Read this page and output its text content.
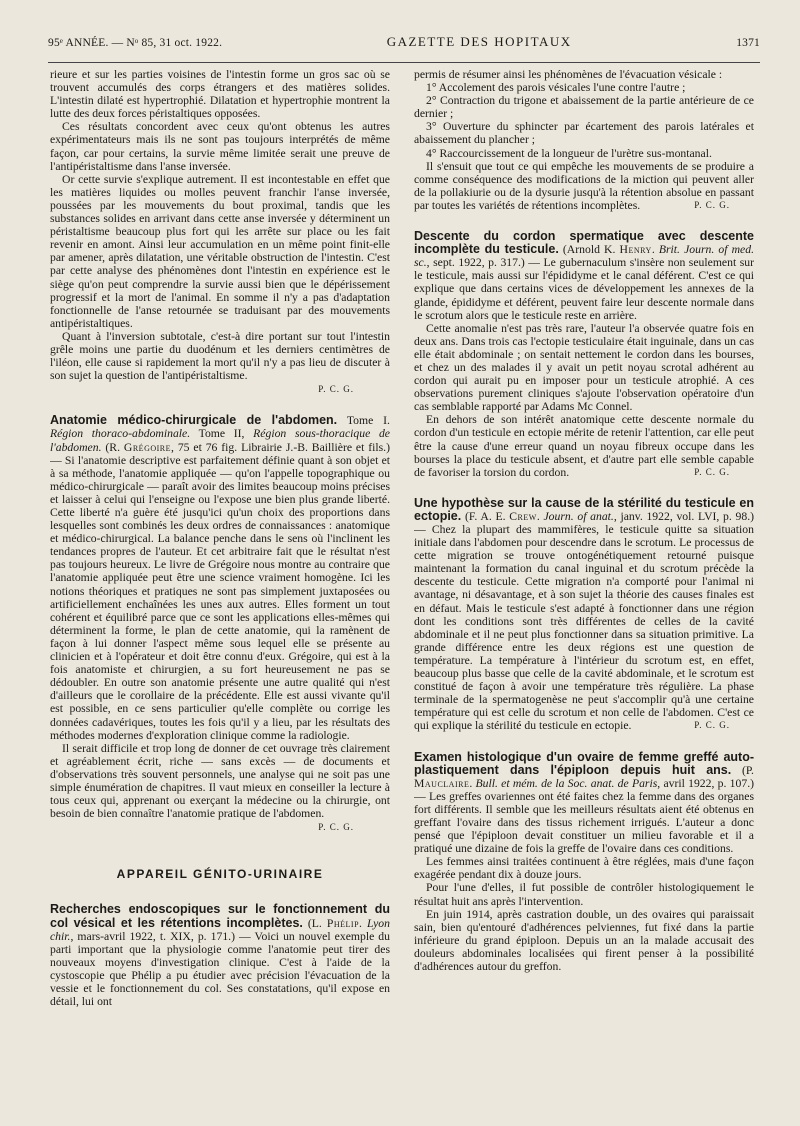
95ᵉ ANNÉE. — Nᵒ 85, 31 oct. 1922.	GAZETTE DES HOPITAUX	1371

rieure et sur les parties voisines de l'intestin forme un gros sac où se trouvent accumulés des corps étrangers et des matières solides. L'intestin dilaté est hypertrophié. Dilatation et hypertrophie montrent la lutte des deux forces péristaltiques opposées.

Ces résultats concordent avec ceux qu'ont obtenus les autres expérimentateurs mais ils ne sont pas toujours interprétés de même façon, car pour certains, la survie même limitée serait une preuve de l'antipéristaltisme dans l'anse inversée.

Or cette survie s'explique autrement. Il est incontestable en effet que les matières liquides ou molles peuvent franchir l'anse inversée, poussées par les mouvements du bout proximal, tandis que les substances solides en arrivant dans cette anse inversée y déterminent un péristaltisme beaucoup plus fort qui les arrête sur place ou les fait revenir en amont. Ainsi leur accumulation en un même point finit-elle par amener, après dilatation, une véritable obstruction de l'intestin. C'est par cette analyse des phénomènes dont l'intestin en expérience est le siège qu'on peut comprendre la survie aussi bien que le dépérissement progressif et la mort de l'animal. En somme il n'y a pas d'adaptation fonctionnelle de l'anse retournée se traduisant par des mouvements antipéristaltiques.

Quant à l'inversion subtotale, c'est-à dire portant sur tout l'intestin grêle moins une partie du duodénum et les derniers centimètres de l'iléon, elle cause si rapidement la mort qu'il n'y a pas lieu de discuter à son sujet la question de l'antipéristaltisme.

P. C. G.

Anatomie médico-chirurgicale de l'abdomen. Tome I. Région thoraco-abdominale. Tome II, Région sous-thoracique de l'abdomen. (R. Grégoire, 75 et 76 fig. Librairie J.-B. Baillière et fils.) — Si l'anatomie descriptive est parfaitement définie quant à son objet et à sa méthode, l'anatomie appliquée — qu'on l'appelle topographique ou médico-chirurgicale — paraît avoir des limites beaucoup moins précises et laisser à celui qui l'enseigne ou l'expose une bien plus grande liberté. Cette liberté n'a guère été jusqu'ici qu'un choix des proportions dans lesquelles sont combinés les deux ordres de connaissances : anatomique et médico-chirurgical. La balance penche dans le sens où l'inclinent les tendances propres de l'auteur. Et cet arbitraire fait que le résultat n'est pas toujours heureux. Le livre de Grégoire nous montre au contraire que l'anatomie appliquée peut être une science vraiment homogène. Ici les notions théoriques et pratiques ne sont pas simplement juxtaposées ou artificiellement enchaînées les unes aux autres. Elles forment un tout cohérent et équilibré parce que ce sont les applications elles-mêmes qui déterminent la forme, le plan de cette anatomie, qui la ramènent de façon à lui donner l'aspect même sous lequel elle se présente au clinicien et à l'opérateur et doit être connu d'eux. Grégoire, qui est à la fois anatomiste et chirurgien, a su fort heureusement ne pas se dédoubler. En outre son anatomie présente une autre qualité qui n'est d'ailleurs que le corollaire de la précédente. Elle est aussi vivante qu'il est possible, en ce sens particulier qu'elle complète ou corrige les données cadavériques, toutes les fois qu'il y a lieu, par les résultats des méthodes modernes d'exploration clinique comme la radiologie.

Il serait difficile et trop long de donner de cet ouvrage très clairement et agréablement écrit, riche — sans excès — de documents et d'observations très souvent personnels, une analyse qui ne soit pas une simple énumération de chapitres. Il vaut mieux en conseiller la lecture à tous ceux qui, apprenant ou exerçant la médecine ou la chirurgie, ont besoin de bien connaître l'anatomie pratique de l'abdomen.

P. C. G.
APPAREIL GÉNITO-URINAIRE

Recherches endoscopiques sur le fonctionnement du col vésical et les rétentions incomplètes. (L. Phélip. Lyon chir., mars-avril 1922, t. XIX, p. 171.) — Voici un nouvel exemple du parti important que la physiologie comme l'anatomie peut tirer des nouveaux moyens d'investigation clinique. C'est à l'aide de la cystoscopie que Phélip a pu étudier avec précision l'évacuation de la vessie et le fonctionnement du col. Ses constatations, qu'il expose en détail, lui ont

permis de résumer ainsi les phénomènes de l'évacuation vésicale :

1° Accolement des parois vésicales l'une contre l'autre ;

2° Contraction du trigone et abaissement de la partie antérieure de ce dernier ;

3° Ouverture du sphincter par écartement des parois latérales et abaissement du plancher ;

4° Raccourcissement de la longueur de l'urètre sus-montanal.

Il s'ensuit que tout ce qui empêche les mouvements de se produire a comme conséquence des modifications de la miction qui peuvent aller de la pollakiurie ou de la dysurie jusqu'à la rétention absolue en passant par toutes les variétés de rétentions incomplètes.	P. C. G.

Descente du cordon spermatique avec descente incomplète du testicule. (Arnold K. Henry. Brit. Journ. of med. sc., sept. 1922, p. 317.) — Le gubernaculum s'insère non seulement sur le testicule, mais aussi sur l'épididyme et le canal déférent. C'est ce qui explique que dans certains vices de développement les annexes de la glande, épididyme et déférent, peuvent faire leur descente normale dans le scrotum alors que le testicule reste en arrière.

Cette anomalie n'est pas très rare, l'auteur l'a observée quatre fois en deux ans. Dans trois cas l'ectopie testiculaire était inguinale, dans un cas elle était abdominale ; on sentait nettement le cordon dans les bourses, et chez un des malades il y avait un petit noyau scrotal adhérent au cordon qui aurait pu en imposer pour un testicule atrophié. A ces observations purement cliniques s'ajoute l'observation opératoire d'un cas semblable rapporté par Adams Mc Connel.

En dehors de son intérêt anatomique cette descente normale du cordon d'un testicule en ectopie mérite de retenir l'attention, car elle peut être la cause d'une erreur quand un noyau fibreux occupe dans les bourses la place du testicule absent, et d'autre part elle semble capable de favoriser la torsion du cordon.	P. C. G.

Une hypothèse sur la cause de la stérilité du testicule en ectopie. (F. A. E. Crew. Journ. of anat., janv. 1922, vol. LVI, p. 98.) — Chez la plupart des mammifères, le testicule quitte sa situation initiale dans l'abdomen pour descendre dans le scrotum. Le processus de cette migration se trouve ontogénétiquement retourné puisque maintenant la formation du canal inguinal et du scrotum précède la descente du testicule. Cette migration n'a comporté pour l'animal ni avantage, ni désavantage, et à son sujet la théorie des causes finales est en défaut. Mais le testicule s'est adapté à fonctionner dans une région dont les conditions sont très différentes de celles de la cavité abdominale et il ne peut plus fonctionner dans sa situation primitive. La grande différence entre les deux régions est une question de température. La température à l'intérieur du scrotum est, en effet, beaucoup plus basse que celle de la cavité abdominale, et le scrotum est constitué de façon à avoir une température très régulière. La phase terminale de la spermatogenèse ne peut s'accomplir qu'à une certaine température qui est celle du scrotum et non celle de l'abdomen. C'est ce qui explique la stérilité du testicule en ectopie.	P. C. G.

Examen histologique d'un ovaire de femme greffé auto-plastiquement dans l'épiploon depuis huit ans. (P. Mauclaire. Bull. et mém. de la Soc. anat. de Paris, avril 1922, p. 107.) — Les greffes ovariennes ont été faites chez la femme dans des organes fort différents. Il semble que les meilleurs résultats aient été obtenus en greffant l'ovaire dans des tissus richement irrigués. L'auteur a donc pensé que l'épiploon devait constituer un milieu favorable et il a pratiqué une dizaine de fois la greffe de l'ovaire dans ces conditions.

Les femmes ainsi traitées continuent à être réglées, mais d'une façon exagérée pendant dix à douze jours.

Pour l'une d'elles, il fut possible de contrôler histologiquement le résultat huit ans après l'intervention.

En juin 1914, après castration double, un des ovaires qui paraissait sain, bien qu'entouré d'adhérences pelviennes, fut fixé dans la partie inférieure du grand épiploon. Depuis un an la malade accusait des douleurs abdominales localisées qui firent penser à la possibilité d'adhérences autour du greffon.
